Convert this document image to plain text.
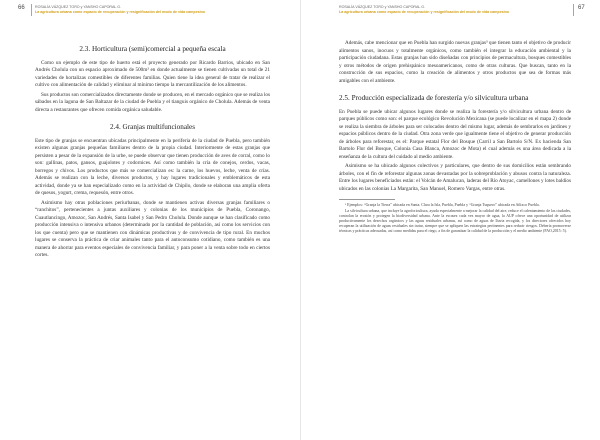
66	ROSALÍA VÁZQUEZ TORO y YANSHO CAPORAL G.
La agricultura urbana como espacio de recuperación y resignificación del modo de vida campesino
2.3. Horticultura (semi)comercial a pequeña escala

Como un ejemplo de este tipo de huerto está el proyecto generado por Ricardo Barrios, ubicado en San Andrés Cholula con un espacio aproximado de 500m² en donde actualmente se tienen cultivadas un total de 21 variedades de hortalizas comestibles de diferentes familias. Quien tiene la idea general de tratar de realizar el cultivo con alimentación de calidad y eliminar al mínimo tiempo la mercantilización de los alimentos.

Sus productos son comercializados directamente donde se producen, en el mercado orgánico que se realiza los sábados en la laguna de San Baltazar de la ciudad de Puebla y el tianguis orgánico de Cholula. Además de venta directa a restaurantes que ofrecen comida orgánica saludable.

2.4. Granjas multifuncionales

Este tipo de granjas se encuentran ubicadas principalmente en la periferia de la ciudad de Puebla, pero también existen algunas granjas pequeñas familiares dentro de la propia ciudad. Interiormente de estas granjas que persisten a pesar de la expansión de la urbe, se puede observar que tienen producción de aves de corral, como lo son: gallinas, patos, gansos, guajolotes y codornices. Así como también la cría de conejos, cerdos, vacas, borregos y chivos. Los productos que más se comercializan es: la carne, los huevos, leche, venta de crías. Además se realizan con la leche, diversos productos, y hay lugares tradicionales y emblemáticos de esta actividad, donde ya se han especializado como en la actividad de Chipilo, donde se elaboran una amplia oferta de quesos, yogurt, crema, requesón, entre otros.

Asimismo hay otras poblaciones periurbanas, donde se mantienen activas diversas granjas familiares o “ranchitos”, pertenecientes a juntas auxiliares y colonias de los municipios de Puebla, Coronango, Cuautlancingo, Amozoc, San Andrés, Santa Isabel y San Pedro Cholula. Donde aunque se han clasificado como producción intensiva o intensiva urbanos (determinado por la cantidad de población, así como los servicios con los que cuenta) pero que se mantienen con dinámicas productivas y de convivencia de tipo rural. En muchos lugares se conserva la práctica de criar animales tanto para el autoconsumo cotidiano, como también es una manera de ahorrar para eventos especiales de convivencia familiar, y para poner a la venta sobre todo en ciertos cortes.

ROSALÍA VÁZQUEZ TORO y YANSHO CAPORAL G.
La agricultura urbana como espacio de recuperación y resignificación del modo de vida campesino
67

Además, cabe mencionar que en Puebla han surgido nuevas granjas³ que tienen tanto el objetivo de producir alimentos sanos, inocuos y totalmente orgánicos, como también el integrar la educación ambiental y la participación ciudadana. Estas granjas han sido diseñadas con principios de permacultura, bosques comestibles y otros métodos de origen prehispánico mesoamericanos, como de otras culturas. Que buscan, tanto en la construcción de sus espacios, como la creación de alimentos y otros productos que sea de formas más amigables con el ambiente.

2.5. Producción especializada de forestería y/o silvicultura urbana

En Puebla se puede ubicar algunos lugares donde se realiza la forestería y/o silvicultura urbana dentro de parques públicos como son: el parque ecológico Revolución Mexicana (se puede localizar en el mapa 2) donde se realiza la siembra de árboles para ser colocados dentro del mismo lugar, además de sembrarlos en jardines y espacios públicos dentro de la ciudad. Otra zona verde que igualmente tiene el objetivo de generar producción de árboles para reforestar, es el: Parque estatal Flor del Bosque (Carril a San Bartolo S/N. Ex hacienda San Bartolo Flor del Bosque, Colonia Casa Blanca, Amozoc de Mota) el cual además es una área dedicada a la enseñanza de la cultura del cuidado al medio ambiente.

Asimismo se ha ubicado algunos colectivos y particulares, que dentro de sus domicilios están sembrando árboles, con el fin de reforestar algunas zonas devastadas por la sobreproblación y abusos contra la naturaleza. Entre los lugares beneficiados están: el Volcán de Amalucan, laderas del Río Atoyac, camellones y lotes baldíos ubicados en las colonias La Margarita, San Manuel, Romero Vargas, entre otras.

³ Ejemplos: “Granja la Tierra” ubicada en Santa. Clara la Isla, Puebla, Puebla y “Granja Tuquero” ubicada en Atlixco Puebla.

La silvicultura urbana, que incluye la agroforicultura, ayuda especialmente a mejorar la calidad del aire, reduce el calentamiento de las ciudades, controlan la erosión y protegen la biodiversidad urbana. Ante la escasez cada vez mayor de agua, la AUP ofrece una oportunidad de utilizar productivamente los desechos orgánicos y las aguas residuales urbanas, así como de aguas de lluvia recogida, y los directores ofrecidos hoy recuperan la utilización de aguas residuales sin tratar, siempre que se apliquen las estrategias pertinentes para reducir riesgos. Debería promoverse técnicas y prácticas adecuadas, así como medidas para el riego, a fin de garantizar la calidad de la producción y el medio ambiente (FAO,2015: 5).
